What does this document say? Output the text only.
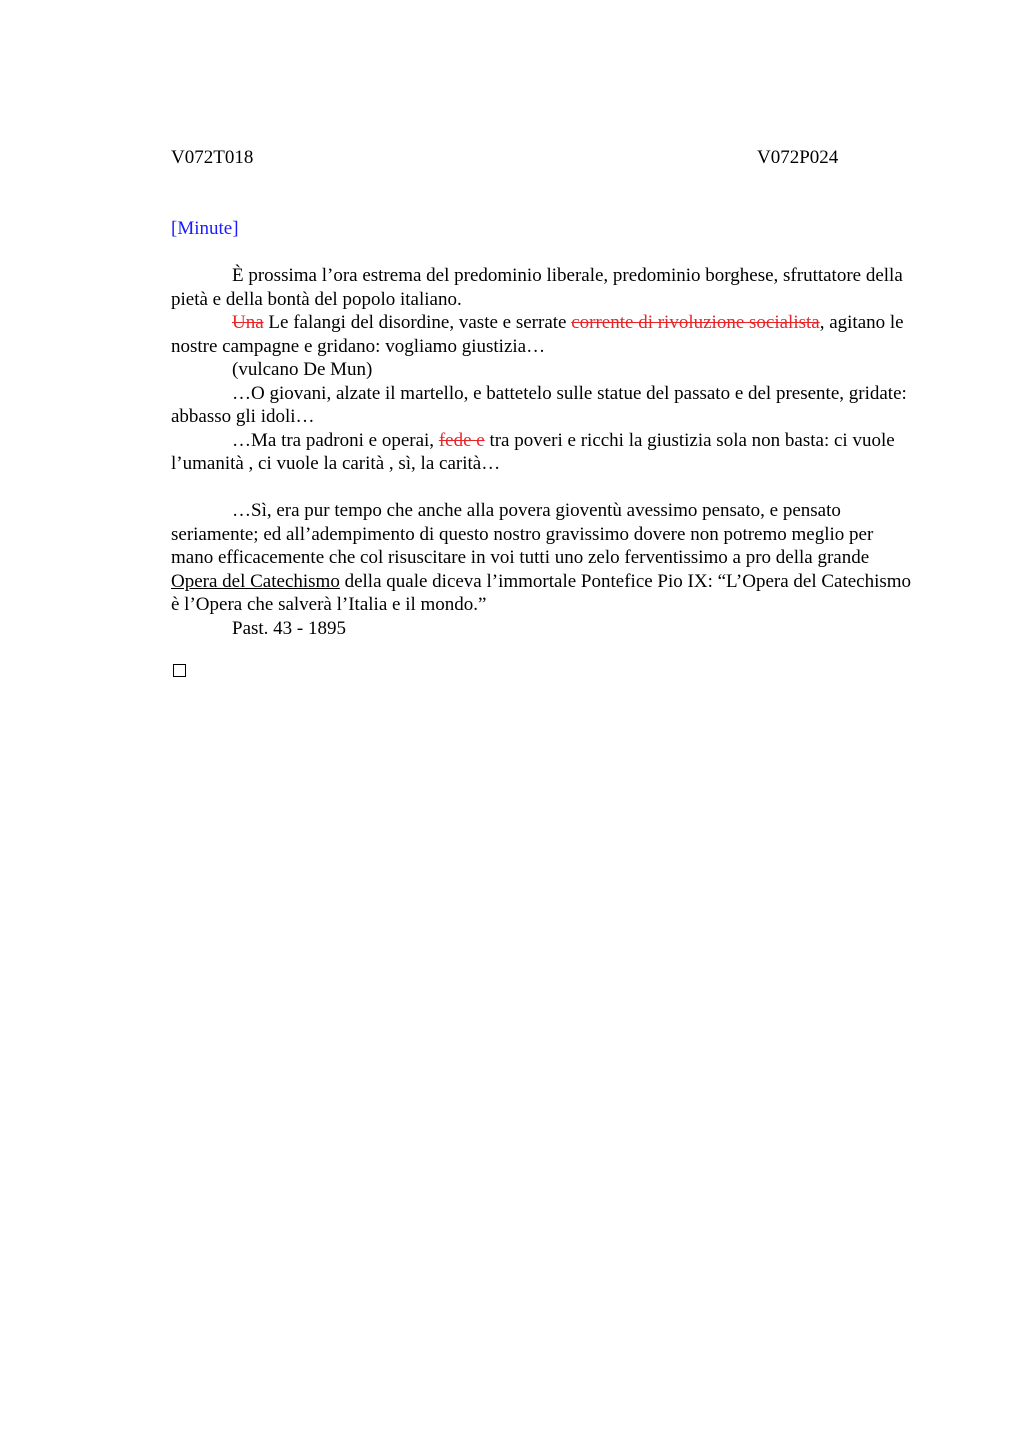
V072T018	V072P024
[Minute]

È prossima l’ora estrema del predominio liberale, predominio borghese, sfruttatore della pietà e della bontà del popolo italiano.

Una Le falangi del disordine, vaste e serrate corrente di rivoluzione socialista, agitano le nostre campagne e gridano: vogliamo giustizia…

(vulcano De Mun)

…O giovani, alzate il martello, e battetelo sulle statue del passato e del presente, gridate: abbasso gli idoli…

…Ma tra padroni e operai, fede e tra poveri e ricchi la giustizia sola non basta: ci vuole l’umanità , ci vuole la carità , sì, la carità…

…Sì, era pur tempo che anche alla povera gioventù avessimo pensato, e pensato seriamente; ed all’adempimento di questo nostro gravissimo dovere non potremo meglio per mano efficacemente che col risuscitare in voi tutti uno zelo ferventissimo a pro della grande Opera del Catechismo della quale diceva l’immortale Pontefice Pio IX: “L’Opera del Catechismo è l’Opera che salverà l’Italia e il mondo.”

Past. 43 - 1895
